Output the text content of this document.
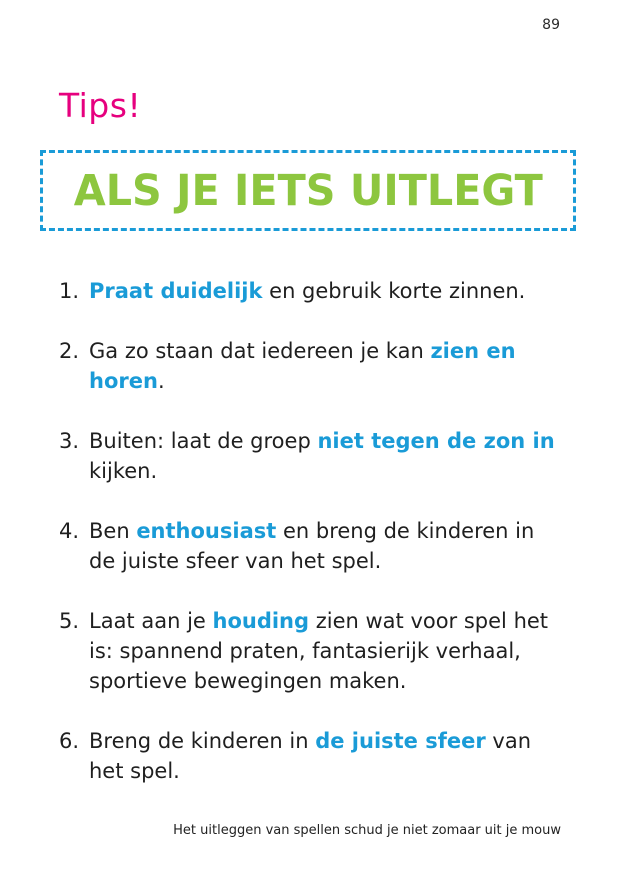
89
Tips!
ALS JE IETS UITLEGT
1. Praat duidelijk en gebruik korte zinnen.
2. Ga zo staan dat iedereen je kan zien en horen.
3. Buiten: laat de groep niet tegen de zon in kijken.
4. Ben enthousiast en breng de kinderen in de juiste sfeer van het spel.
5. Laat aan je houding zien wat voor spel het is: spannend praten, fantasierijk verhaal, sportieve bewegingen maken.
6. Breng de kinderen in de juiste sfeer van het spel.
Het uitleggen van spellen schud je niet zomaar uit je mouw
